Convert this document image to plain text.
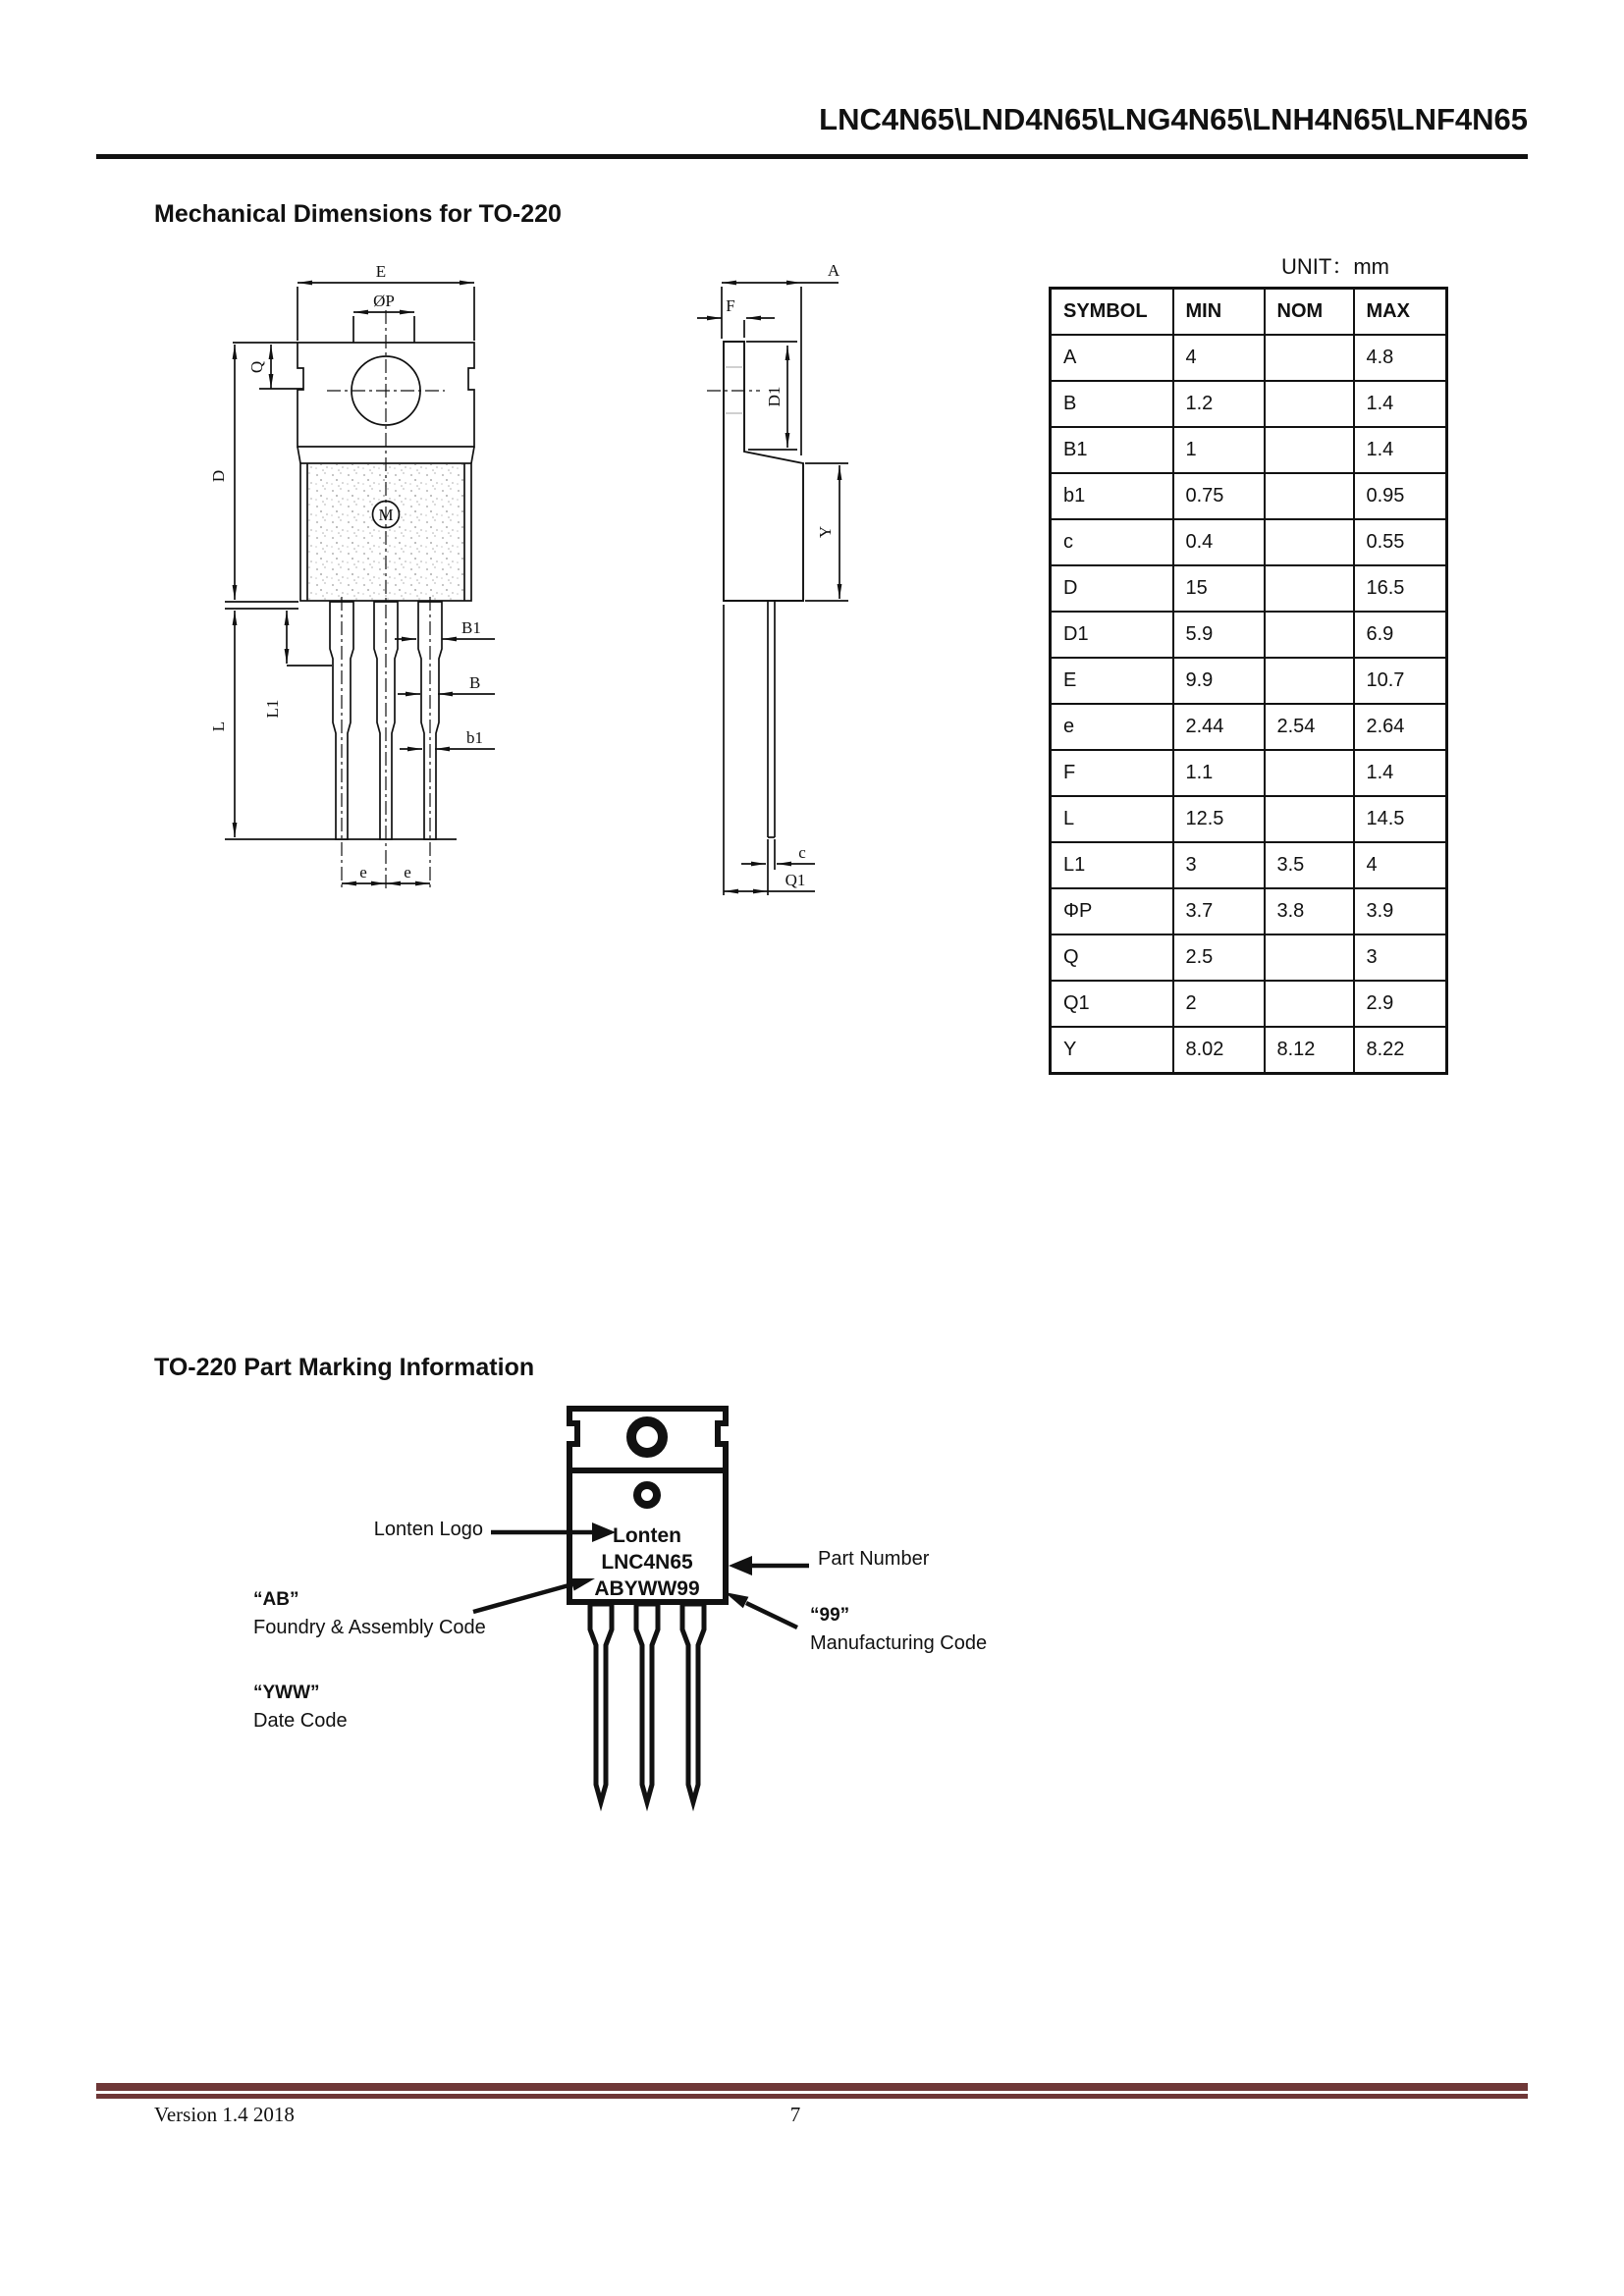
LNC4N65\LND4N65\LNG4N65\LNH4N65\LNF4N65
Mechanical Dimensions for TO-220
UNIT：mm
E
ØP
Q
D
L
L1
B1
B
b1
e e
M
A
F
D1
Y
c
Q1
SYMBOL	MIN	NOM	MAX
A	4		4.8
B	1.2		1.4
B1	1		1.4
b1	0.75		0.95
c	0.4		0.55
D	15		16.5
D1	5.9		6.9
E	9.9		10.7
e	2.44	2.54	2.64
F	1.1		1.4
L	12.5		14.5
L1	3	3.5	4
ΦP	3.7	3.8	3.9
Q	2.5		3
Q1	2		2.9
Y	8.02	8.12	8.22
TO-220 Part Marking Information
Lonten
LNC4N65
ABYWW99
Lonten Logo
Part Number
“AB”
Foundry & Assembly Code
“99”
Manufacturing Code
“YWW”
Date Code
Version 1.4 2018	7
